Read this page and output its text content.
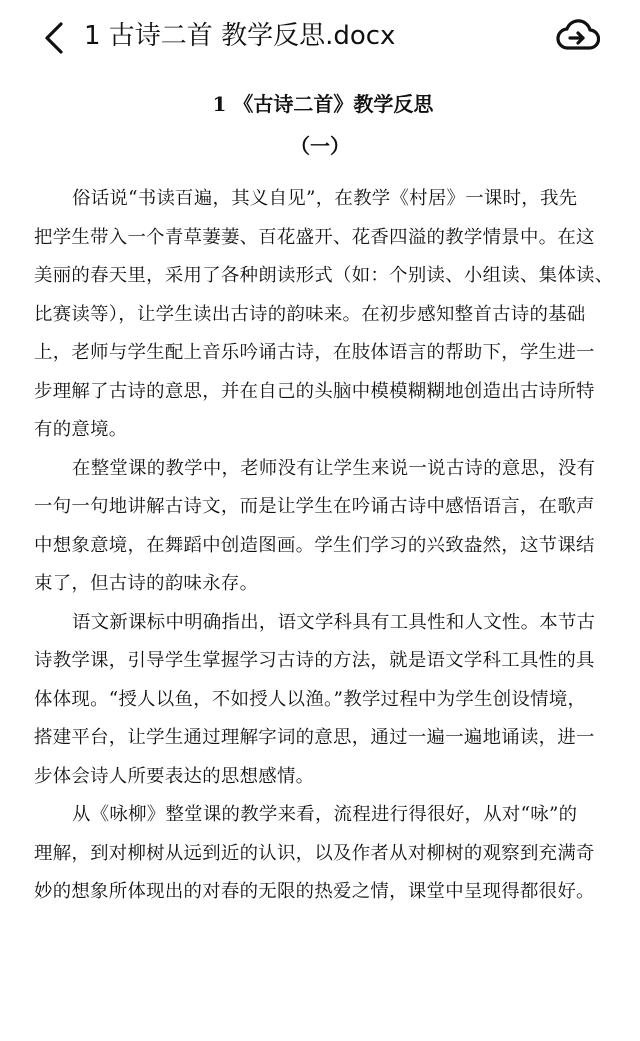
1 古诗二首 教学反思.docx
1 《古诗二首》教学反思
（一）
俗话说“书读百遍，其义自见”，在教学《村居》一课时，我先
把学生带入一个青草萋萋、百花盛开、花香四溢的教学情景中。在这
美丽的春天里，采用了各种朗读形式（如：个别读、小组读、集体读、
比赛读等），让学生读出古诗的韵味来。在初步感知整首古诗的基础
上，老师与学生配上音乐吟诵古诗，在肢体语言的帮助下，学生进一
步理解了古诗的意思，并在自己的头脑中模模糊糊地创造出古诗所特
有的意境。
在整堂课的教学中，老师没有让学生来说一说古诗的意思，没有
一句一句地讲解古诗文，而是让学生在吟诵古诗中感悟语言，在歌声
中想象意境，在舞蹈中创造图画。学生们学习的兴致盎然，这节课结
束了，但古诗的韵味永存。
语文新课标中明确指出，语文学科具有工具性和人文性。本节古
诗教学课，引导学生掌握学习古诗的方法，就是语文学科工具性的具
体体现。“授人以鱼，不如授人以渔。”教学过程中为学生创设情境，
搭建平台，让学生通过理解字词的意思，通过一遍一遍地诵读，进一
步体会诗人所要表达的思想感情。
从《咏柳》整堂课的教学来看，流程进行得很好，从对“咏”的
理解，到对柳树从远到近的认识，以及作者从对柳树的观察到充满奇
妙的想象所体现出的对春的无限的热爱之情，课堂中呈现得都很好。
